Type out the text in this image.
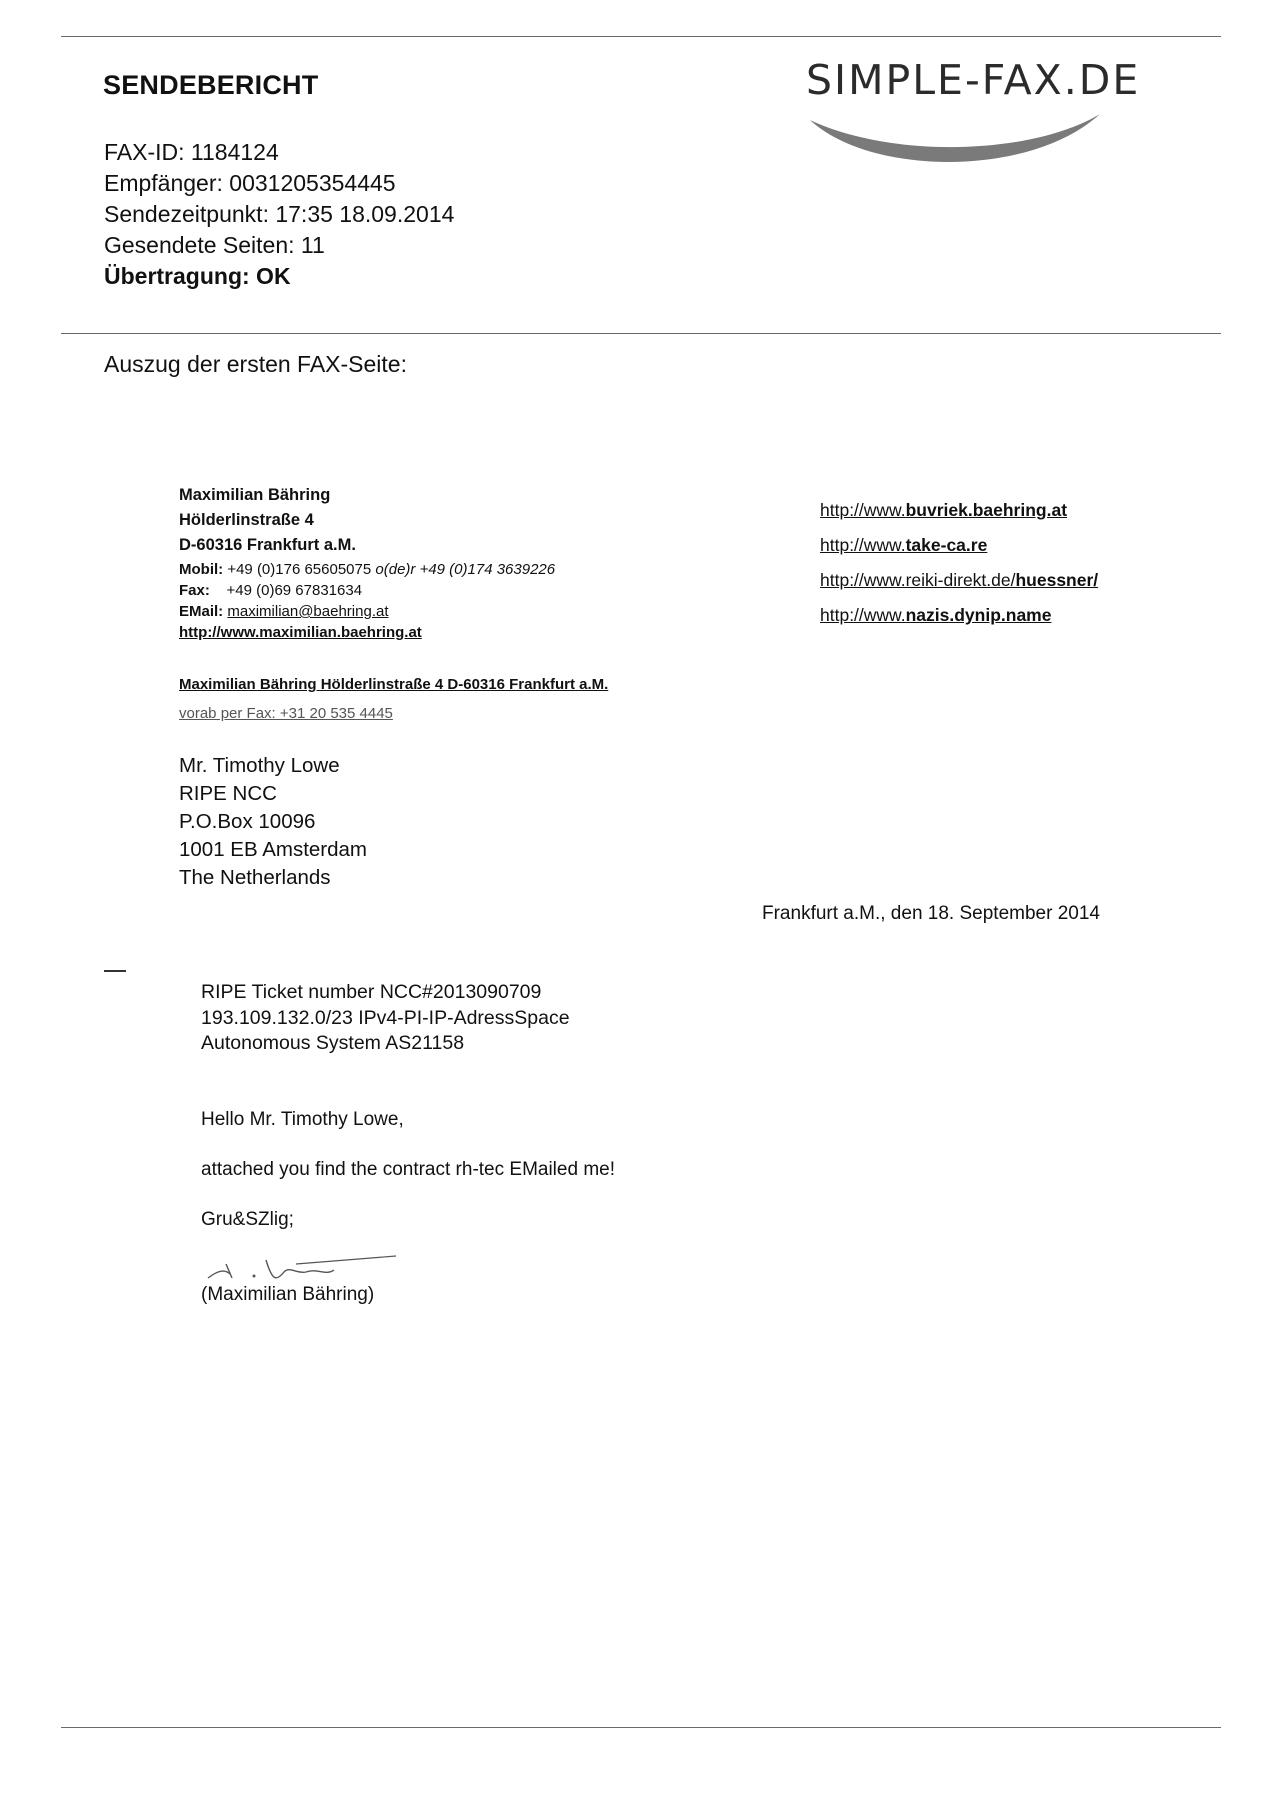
SENDEBERICHT
FAX-ID: 1184124
Empfänger: 0031205354445
Sendezeitpunkt: 17:35 18.09.2014
Gesendete Seiten: 11
Übertragung: OK
SIMPLE-FAX.DE
Auszug der ersten FAX-Seite:
Maximilian Bähring
Hölderlinstraße 4
D-60316 Frankfurt a.M.
Mobil: +49 (0)176 65605075 o(de)r +49 (0)174 3639226
Fax: +49 (0)69 67831634
EMail: maximilian@baehring.at
http://www.maximilian.baehring.at
http://www.buvriek.baehring.at
http://www.take-ca.re
http://www.reiki-direkt.de/huessner/
http://www.nazis.dynip.name
Maximilian Bähring Hölderlinstraße 4 D-60316 Frankfurt a.M.
vorab per Fax: +31 20 535 4445
Mr. Timothy Lowe
RIPE NCC
P.O.Box 10096
1001 EB Amsterdam
The Netherlands
Frankfurt a.M., den 18. September 2014
RIPE Ticket number NCC#2013090709
193.109.132.0/23 IPv4-PI-IP-AdressSpace
Autonomous System AS21158
Hello Mr. Timothy Lowe,
attached you find the contract rh-tec EMailed me!
Gru&SZlig;
(Maximilian Bähring)
